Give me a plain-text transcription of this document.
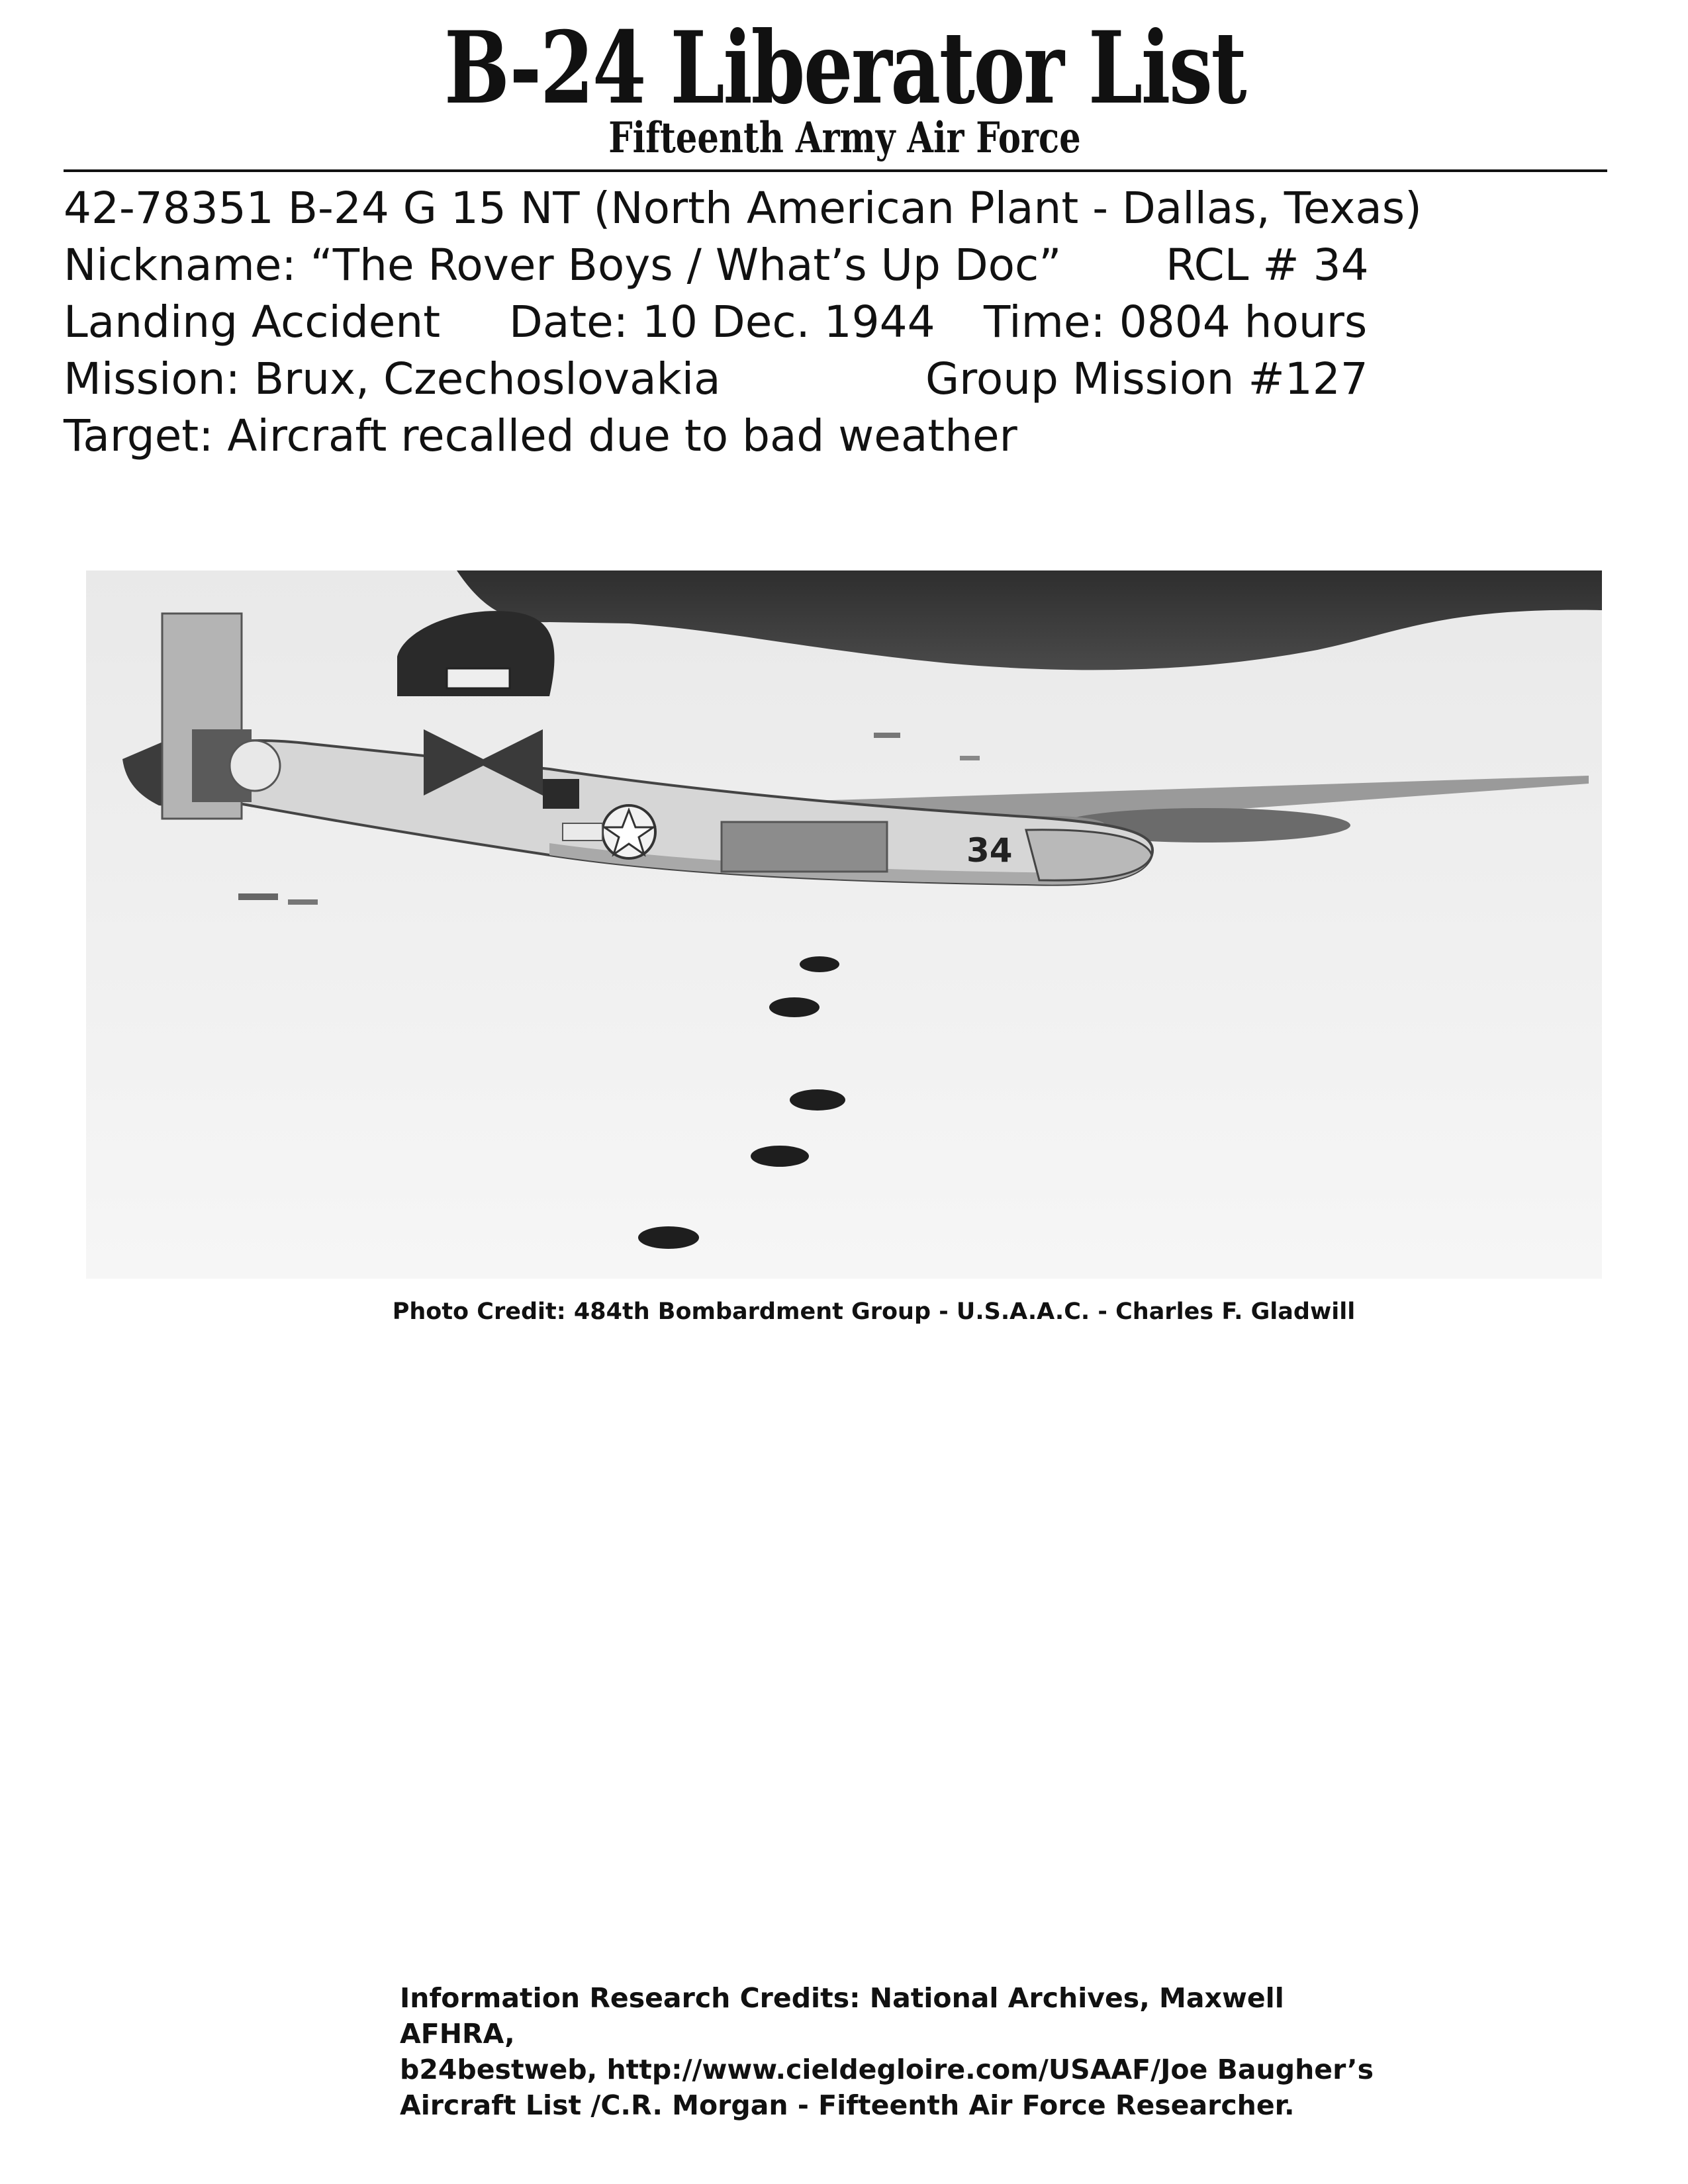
B-24 Liberator List
Fifteenth Army Air Force
42-78351 B-24 G 15 NT (North American Plant - Dallas, Texas)
Nickname: “The Rover Boys / What’s Up Doc” RCL # 34
Landing Accident Date: 10 Dec. 1944 Time: 0804 hours
Mission: Brux, Czechoslovakia	Group Mission #127
Target: Aircraft recalled due to bad weather
34
Photo Credit: 484th Bombardment Group - U.S.A.A.C. - Charles F. Gladwill
Information Research Credits: National Archives, Maxwell AFHRA,
b24bestweb, http://www.cieldegloire.com/USAAF/Joe Baugher’s
Aircraft List /C.R. Morgan - Fifteenth Air Force Researcher.
